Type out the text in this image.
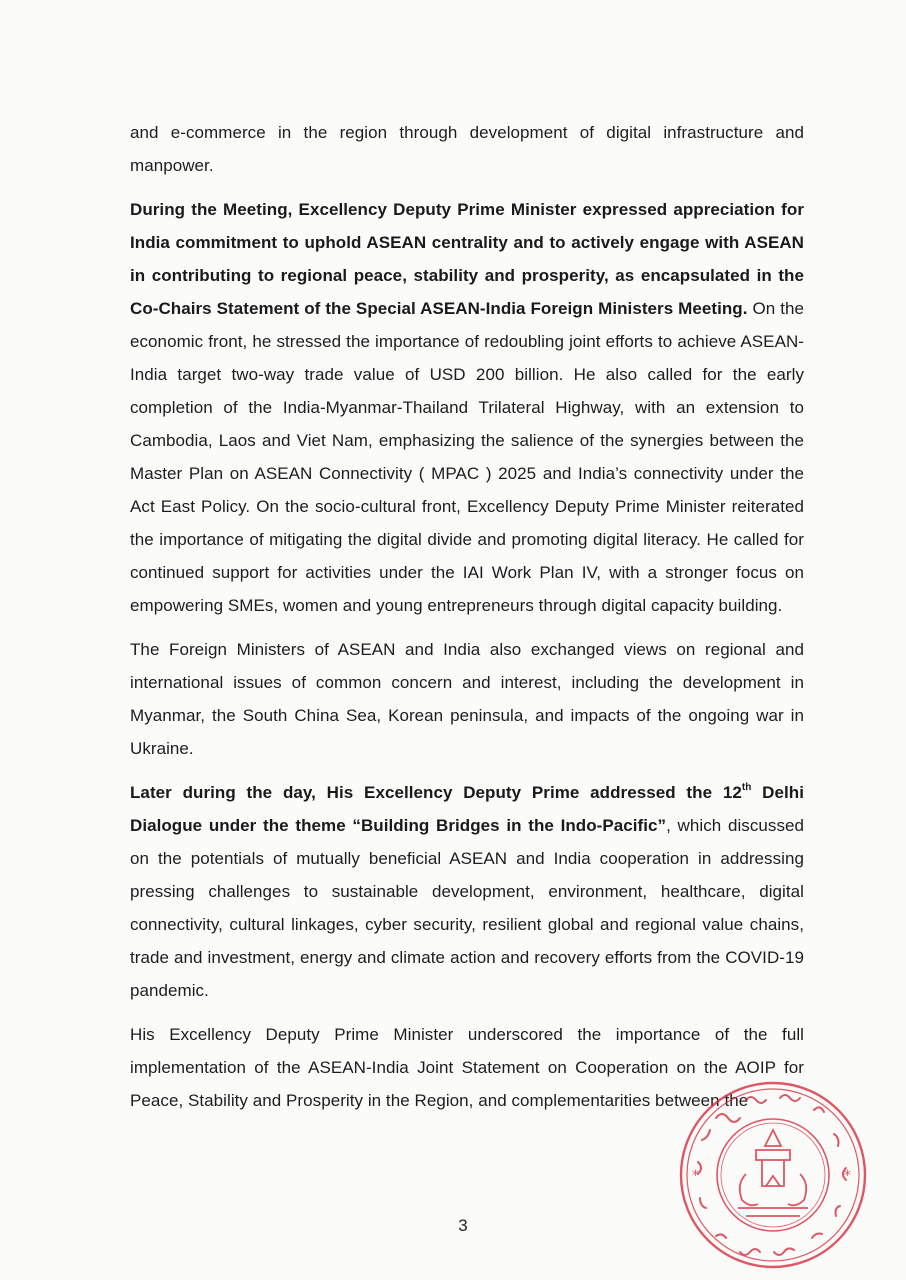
and e-commerce in the region through development of digital infrastructure and manpower.

During the Meeting, Excellency Deputy Prime Minister expressed appreciation for India commitment to uphold ASEAN centrality and to actively engage with ASEAN in contributing to regional peace, stability and prosperity, as encapsulated in the Co-Chairs Statement of the Special ASEAN-India Foreign Ministers Meeting. On the economic front, he stressed the importance of redoubling joint efforts to achieve ASEAN-India target two-way trade value of USD 200 billion. He also called for the early completion of the India-Myanmar-Thailand Trilateral Highway, with an extension to Cambodia, Laos and Viet Nam, emphasizing the salience of the synergies between the Master Plan on ASEAN Connectivity ( MPAC ) 2025 and India’s connectivity under the Act East Policy. On the socio-cultural front, Excellency Deputy Prime Minister reiterated the importance of mitigating the digital divide and promoting digital literacy. He called for continued support for activities under the IAI Work Plan IV, with a stronger focus on empowering SMEs, women and young entrepreneurs through digital capacity building.

The Foreign Ministers of ASEAN and India also exchanged views on regional and international issues of common concern and interest, including the development in Myanmar, the South China Sea, Korean peninsula, and impacts of the ongoing war in Ukraine.

Later during the day, His Excellency Deputy Prime addressed the 12th Delhi Dialogue under the theme “Building Bridges in the Indo-Pacific”, which discussed on the potentials of mutually beneficial ASEAN and India cooperation in addressing pressing challenges to sustainable development, environment, healthcare, digital connectivity, cultural linkages, cyber security, resilient global and regional value chains, trade and investment, energy and climate action and recovery efforts from the COVID-19 pandemic.

His Excellency Deputy Prime Minister underscored the importance of the full implementation of the ASEAN-India Joint Statement on Cooperation on the AOIP for Peace, Stability and Prosperity in the Region, and complementarities between the

3
*	*
